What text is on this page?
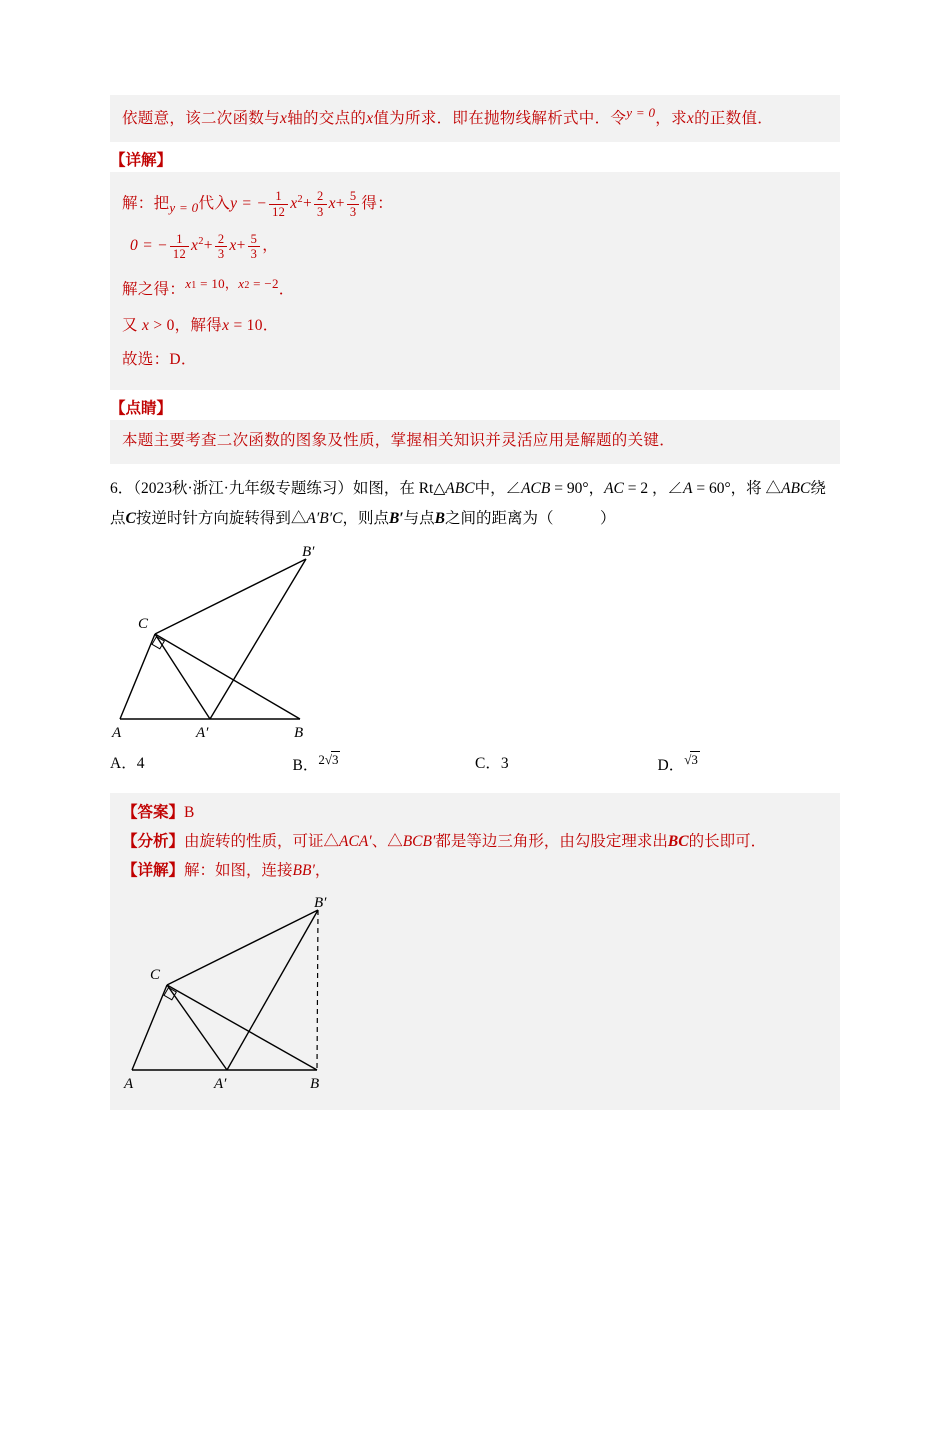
依题意，该二次函数与x轴的交点的x值为所求．即在抛物线解析式中．令$^{y = 0}$，求x的正数值．
【详解】
解：把$_{y = 0}$代入y = − $\frac{1}{12} x^2+ \frac{2}{3} x+ \frac{5}{3}$ 得：
0 = − $\frac{1}{12} x^2+ \frac{2}{3} x+ \frac{5}{3}$ ，
解之得：$^{x1}$ $^{= 10,x2}$ $^{= -2}$．
又 x > 0，解得x = 10．
故选：D．
【点睛】
本题主要考查二次函数的图象及性质，掌握相关知识并灵活应用是解题的关键．
6．（2023秋·浙江·九年级专题练习）如图，在 Rt△ABC中，∠ACB = 90°，AC = 2 ，∠A = 60°，将 △ABC绕
点C按逆时针方向旋转得到△A′B′C，则点B′与点B之间的距离为（　　　）
A	A′	B
B′
C
A．4	B．2√3	C．3	D．√3
【答案】B
【分析】由旋转的性质，可证△ACA′、△BCB′都是等边三角形，由勾股定理求出BC的长即可．
【详解】解：如图，连接BB′，
A	A′	B
B′
C
